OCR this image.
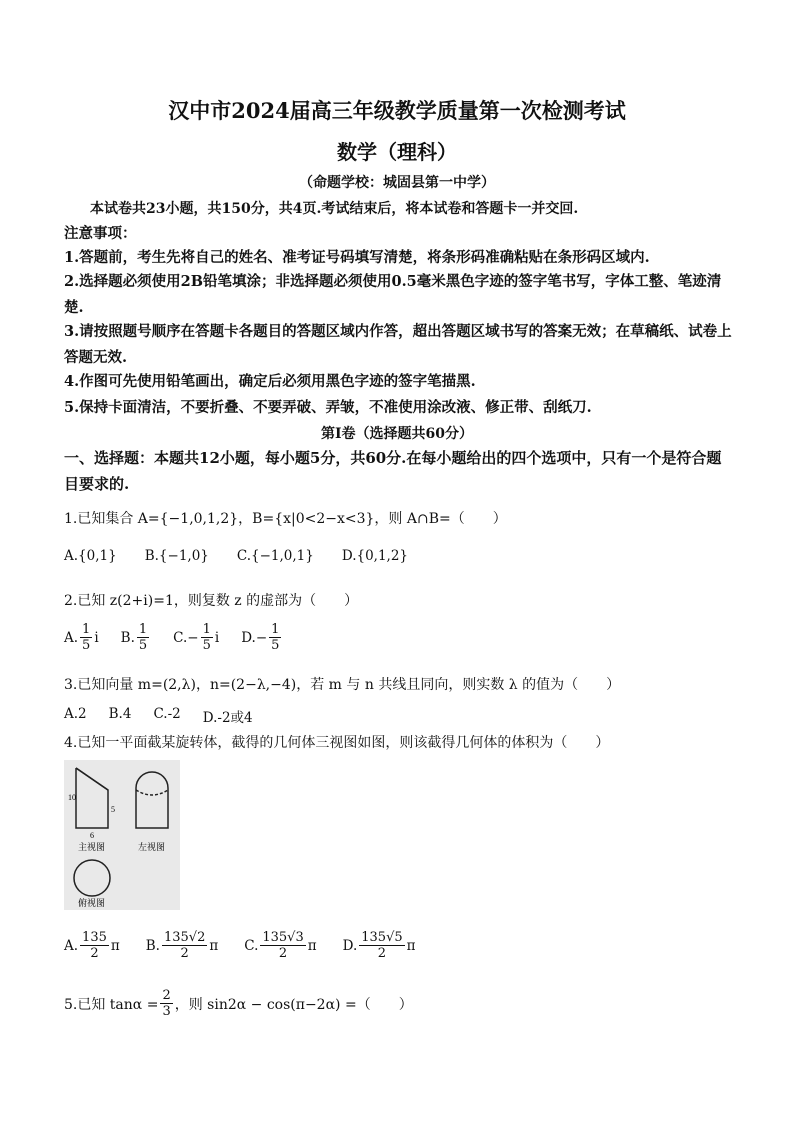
汉中市2024届高三年级教学质量第一次检测考试
数学（理科）
（命题学校：城固县第一中学）
本试卷共23小题，共150分，共4页.考试结束后，将本试卷和答题卡一并交回.
注意事项：
1.答题前，考生先将自己的姓名、准考证号码填写清楚，将条形码准确粘贴在条形码区域内.
2.选择题必须使用2B铅笔填涂；非选择题必须使用0.5毫米黑色字迹的签字笔书写，字体工整、笔迹清楚.
3.请按照题号顺序在答题卡各题目的答题区域内作答，超出答题区域书写的答案无效；在草稿纸、试卷上答题无效.
4.作图可先使用铅笔画出，确定后必须用黑色字迹的签字笔描黑.
5.保持卡面清洁，不要折叠、不要弄破、弄皱，不准使用涂改液、修正带、刮纸刀.
第Ⅰ卷（选择题共60分）
一、选择题：本题共12小题，每小题5分，共60分.在每小题给出的四个选项中，只有一个是符合题目要求的.
1.已知集合 A={−1,0,1,2}，B={x|0<2−x<3}，则 A∩B=（　　）
A.{0,1} B.{−1,0} C.{−1,0,1} D.{0,1,2}
2.已知 z(2+i)=1，则复数 z 的虚部为（　　）
A. $\frac{1}{5}$ i B. $\frac{1}{5} C$. − $\frac{1}{5}$ i D. − $\frac{1}{5}$
3.已知向量 m=(2,λ)，n=(2−λ,−4)，若 m 与 n 共线且同向，则实数 λ 的值为（　　）
A.2 B.4 C.-2 D.-2或4
4.已知一平面截某旋转体，截得的几何体三视图如图，则该截得几何体的体积为（　　）
10
5
6
主视图	左视图
俯视图
A. $\frac{135}{2}$ π B. $\frac{135√2}{2}$ π C. $\frac{135√3}{2}$ π D. $\frac{135√5}{2}$ π
5.已知 $\tan\alpha = \frac{2}{3}$ ，则 sin2α − cos(π−2α) =（　　）
